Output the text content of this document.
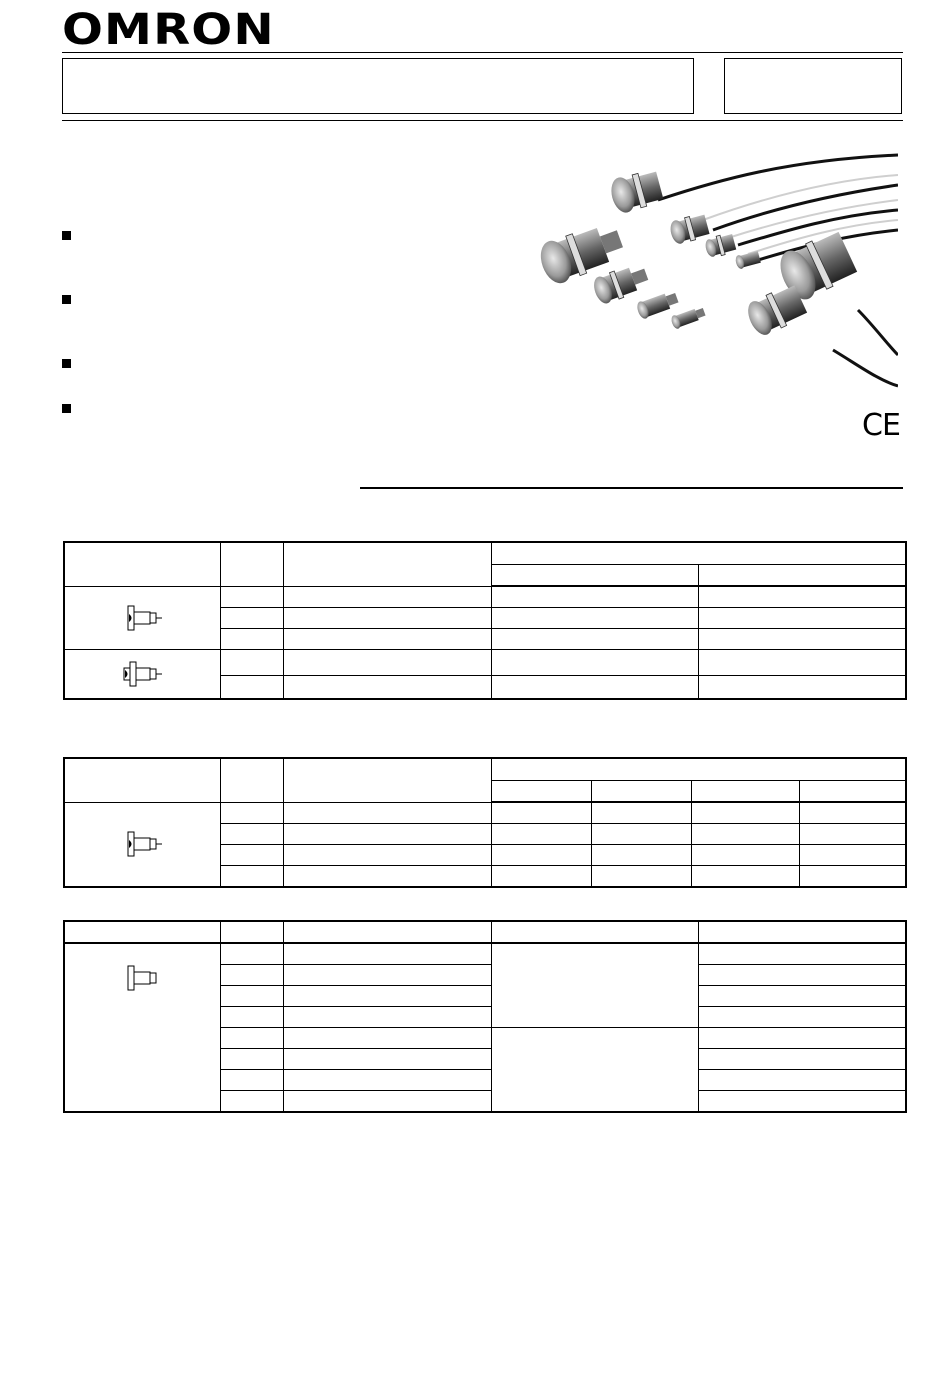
OMRON
CE
